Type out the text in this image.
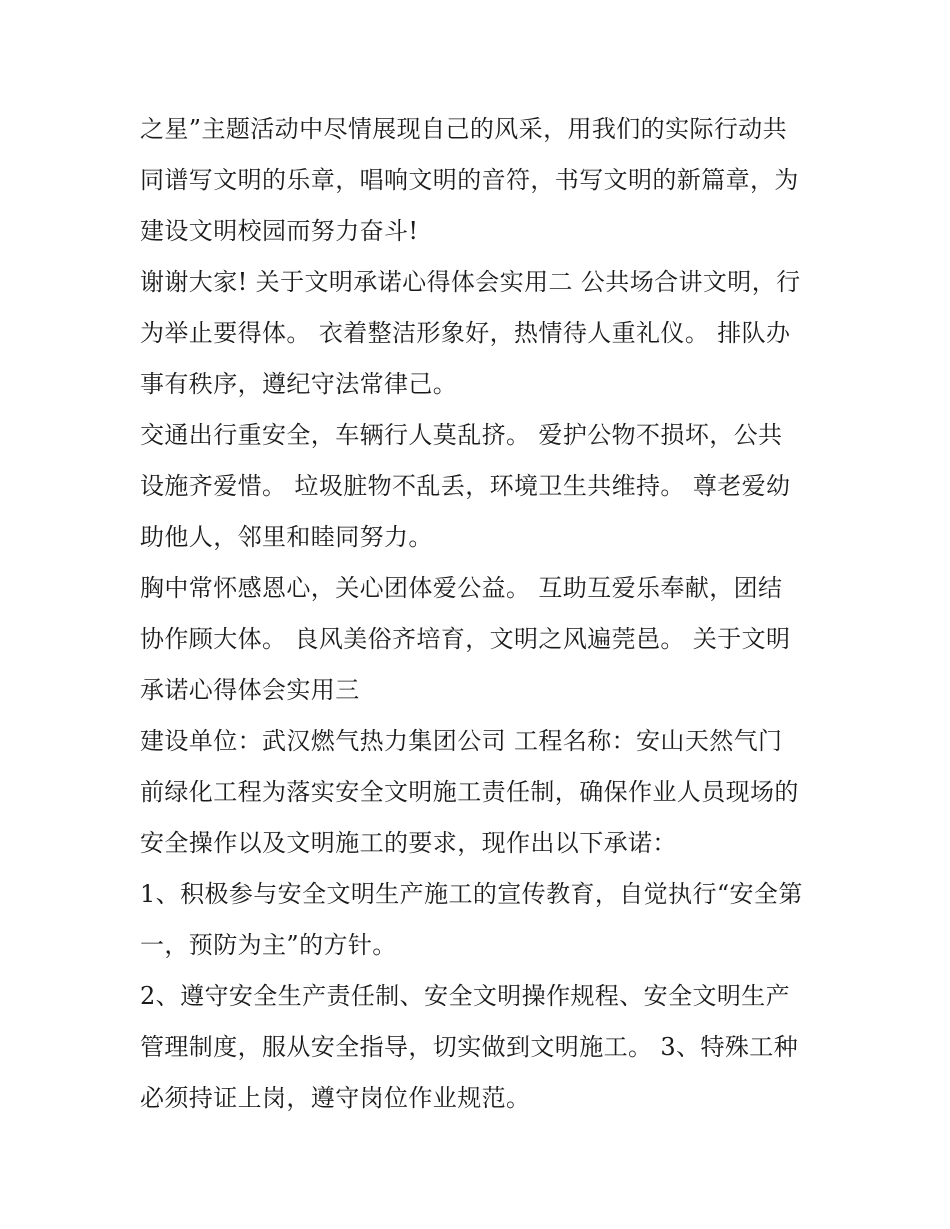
之星”主题活动中尽情展现自己的风采，用我们的实际行动共
同谱写文明的乐章，唱响文明的音符，书写文明的新篇章，为
建设文明校园而努力奋斗!
谢谢大家! 关于文明承诺心得体会实用二 公共场合讲文明，行
为举止要得体。 衣着整洁形象好，热情待人重礼仪。 排队办
事有秩序，遵纪守法常律己。
交通出行重安全，车辆行人莫乱挤。 爱护公物不损坏，公共
设施齐爱惜。 垃圾脏物不乱丢，环境卫生共维持。 尊老爱幼
助他人，邻里和睦同努力。
胸中常怀感恩心，关心团体爱公益。 互助互爱乐奉献，团结
协作顾大体。 良风美俗齐培育，文明之风遍莞邑。 关于文明
承诺心得体会实用三
建设单位：武汉燃气热力集团公司 工程名称：安山天然气门
前绿化工程为落实安全文明施工责任制，确保作业人员现场的
安全操作以及文明施工的要求，现作出以下承诺：
1、积极参与安全文明生产施工的宣传教育，自觉执行“安全第
一，预防为主”的方针。
2、遵守安全生产责任制、安全文明操作规程、安全文明生产
管理制度，服从安全指导，切实做到文明施工。 3、特殊工种
必须持证上岗，遵守岗位作业规范。
